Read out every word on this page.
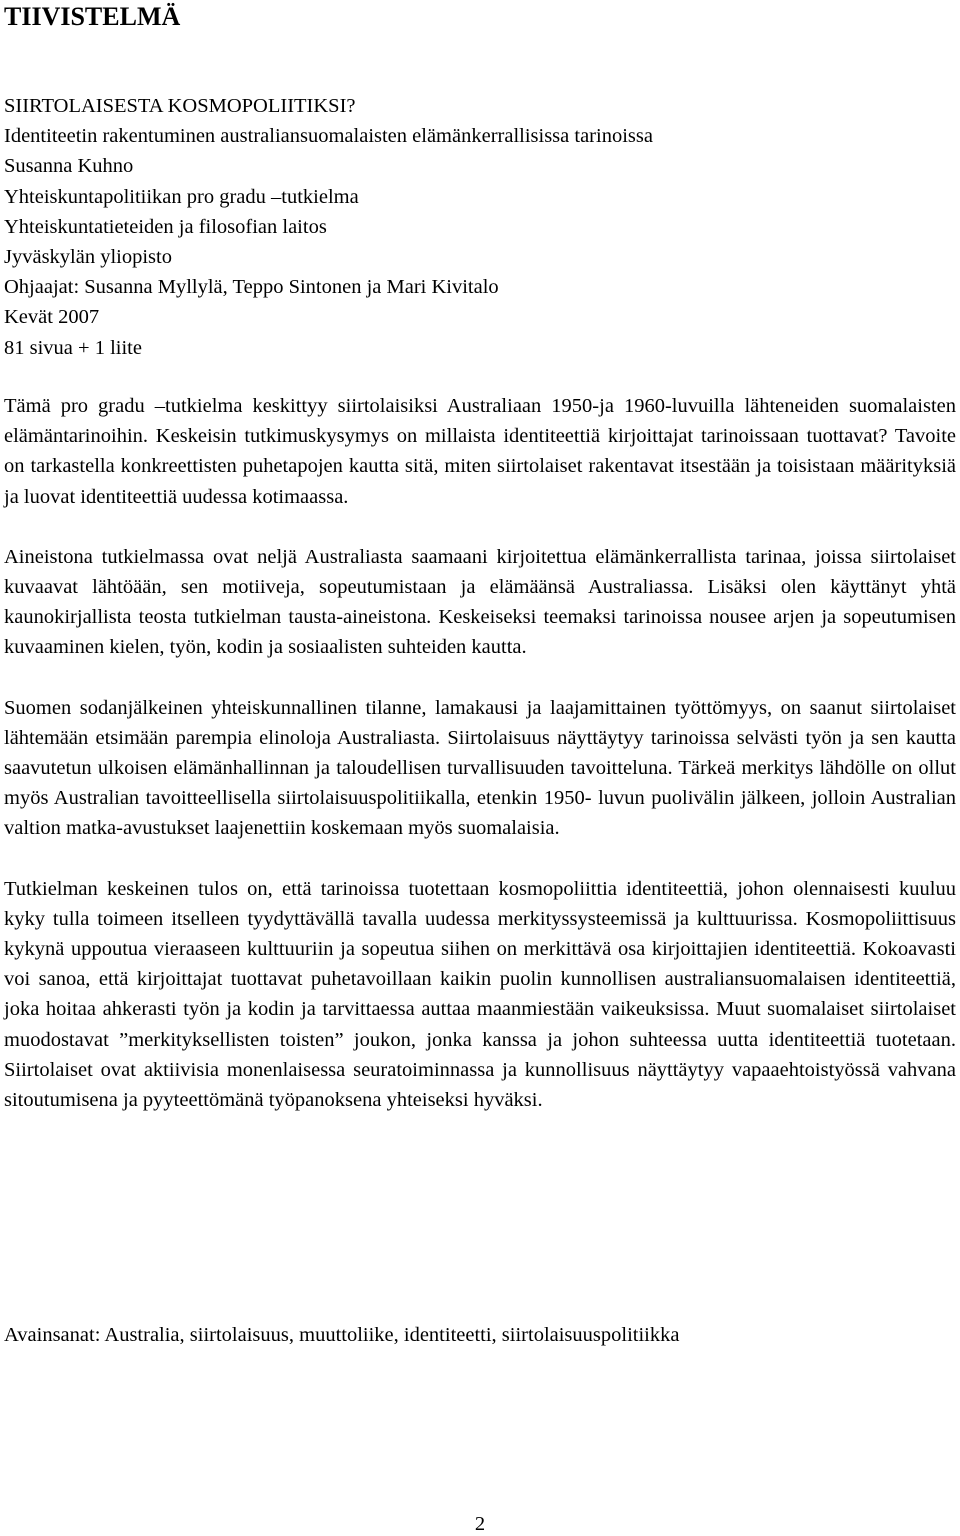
TIIVISTELMÄ
SIIRTOLAISESTA KOSMOPOLIITIKSI?
Identiteetin rakentuminen australiansuomalaisten elämänkerrallisissa tarinoissa
Susanna Kuhno
Yhteiskuntapolitiikan pro gradu –tutkielma
Yhteiskuntatieteiden ja filosofian laitos
Jyväskylän yliopisto
Ohjaajat: Susanna Myllylä, Teppo Sintonen ja Mari Kivitalo
Kevät 2007
81 sivua + 1 liite

Tämä pro gradu –tutkielma keskittyy siirtolaisiksi Australiaan 1950-ja 1960-luvuilla lähteneiden suomalaisten elämäntarinoihin. Keskeisin tutkimuskysymys on millaista identiteettiä kirjoittajat tarinoissaan tuottavat? Tavoite on tarkastella konkreettisten puhetapojen kautta sitä, miten siirtolaiset rakentavat itsestään ja toisistaan määrityksiä ja luovat identiteettiä uudessa kotimaassa.

Aineistona tutkielmassa ovat neljä Australiasta saamaani kirjoitettua elämänkerrallista tarinaa, joissa siirtolaiset kuvaavat lähtöään, sen motiiveja, sopeutumistaan ja elämäänsä Australiassa. Lisäksi olen käyttänyt yhtä kaunokirjallista teosta tutkielman tausta-aineistona. Keskeiseksi teemaksi tarinoissa nousee arjen ja sopeutumisen kuvaaminen kielen, työn, kodin ja sosiaalisten suhteiden kautta.

Suomen sodanjälkeinen yhteiskunnallinen tilanne, lamakausi ja laajamittainen työttömyys, on saanut siirtolaiset lähtemään etsimään parempia elinoloja Australiasta. Siirtolaisuus näyttäytyy tarinoissa selvästi työn ja sen kautta saavutetun ulkoisen elämänhallinnan ja taloudellisen turvallisuuden tavoitteluna. Tärkeä merkitys lähdölle on ollut myös Australian tavoitteellisella siirtolaisuuspolitiikalla, etenkin 1950- luvun puolivälin jälkeen, jolloin Australian valtion matka-avustukset laajenettiin koskemaan myös suomalaisia.

Tutkielman keskeinen tulos on, että tarinoissa tuotettaan kosmopoliittia identiteettiä, johon olennaisesti kuuluu kyky tulla toimeen itselleen tyydyttävällä tavalla uudessa merkityssysteemissä ja kulttuurissa. Kosmopoliittisuus kykynä uppoutua vieraaseen kulttuuriin ja sopeutua siihen on merkittävä osa kirjoittajien identiteettiä. Kokoavasti voi sanoa, että kirjoittajat tuottavat puhetavoillaan kaikin puolin kunnollisen australiansuomalaisen identiteettiä, joka hoitaa ahkerasti työn ja kodin ja tarvittaessa auttaa maanmiestään vaikeuksissa. Muut suomalaiset siirtolaiset muodostavat ”merkityksellisten toisten” joukon, jonka kanssa ja johon suhteessa uutta identiteettiä tuotetaan. Siirtolaiset ovat aktiivisia monenlaisessa seuratoiminnassa ja kunnollisuus näyttäytyy vapaaehtoistyössä vahvana sitoutumisena ja pyyteettömänä työpanoksena yhteiseksi hyväksi.

Avainsanat: Australia, siirtolaisuus, muuttoliike, identiteetti, siirtolaisuuspolitiikka

2
